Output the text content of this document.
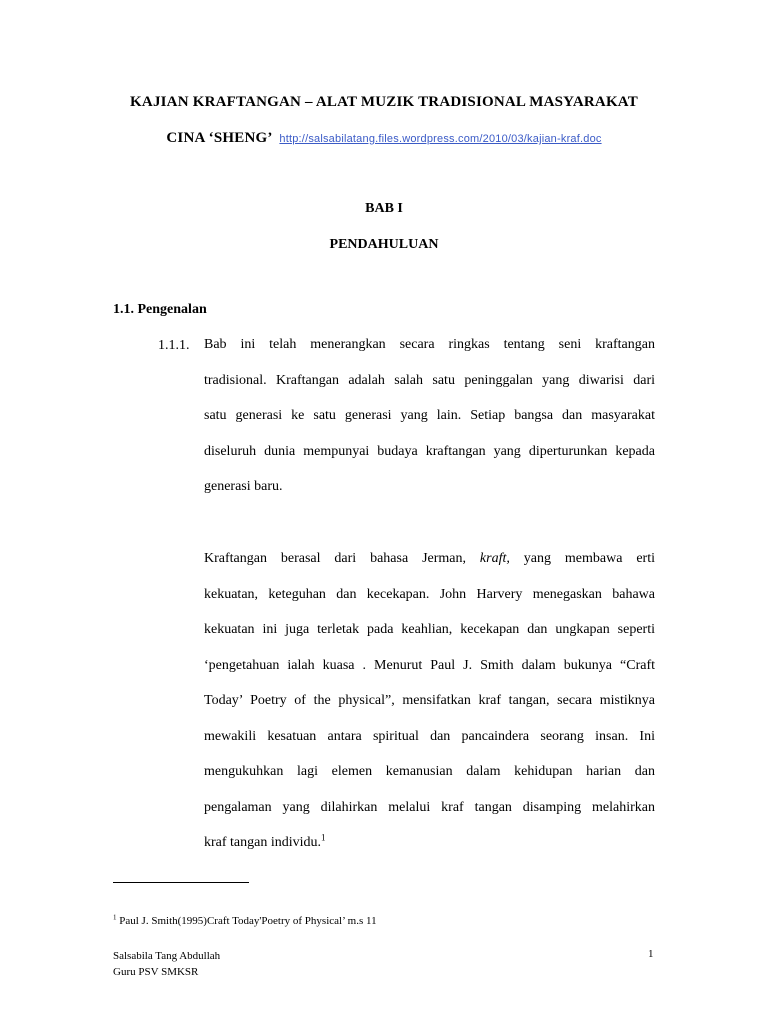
KAJIAN KRAFTANGAN – ALAT MUZIK TRADISIONAL MASYARAKAT
CINA ‘SHENG’ http://salsabilatang.files.wordpress.com/2010/03/kajian-kraf.doc
BAB I
PENDAHULUAN
1.1. Pengenalan
1.1.1. Bab ini telah menerangkan secara ringkas tentang seni kraftangan
tradisional. Kraftangan adalah salah satu peninggalan yang diwarisi dari
satu generasi ke satu generasi yang lain. Setiap bangsa dan masyarakat
diseluruh dunia mempunyai budaya kraftangan yang diperturunkan kepada
generasi baru.
Kraftangan berasal dari bahasa Jerman, kraft, yang membawa erti
kekuatan, keteguhan dan kecekapan. John Harvery menegaskan bahawa
kekuatan ini juga terletak pada keahlian, kecekapan dan ungkapan seperti
‘pengetahuan ialah kuasa . Menurut Paul J. Smith dalam bukunya “Craft
Today’ Poetry of the physical”, mensifatkan kraf tangan, secara mistiknya
mewakili kesatuan antara spiritual dan pancaindera seorang insan. Ini
mengukuhkan lagi elemen kemanusian dalam kehidupan harian dan
pengalaman yang dilahirkan melalui kraf tangan disamping melahirkan
kraf tangan individu.$^1$
$^1$ Paul J. Smith(1995)Craft Today'Poetry of Physical’ m.s 11
Salsabila Tang Abdullah
Guru PSV SMKSR
1
